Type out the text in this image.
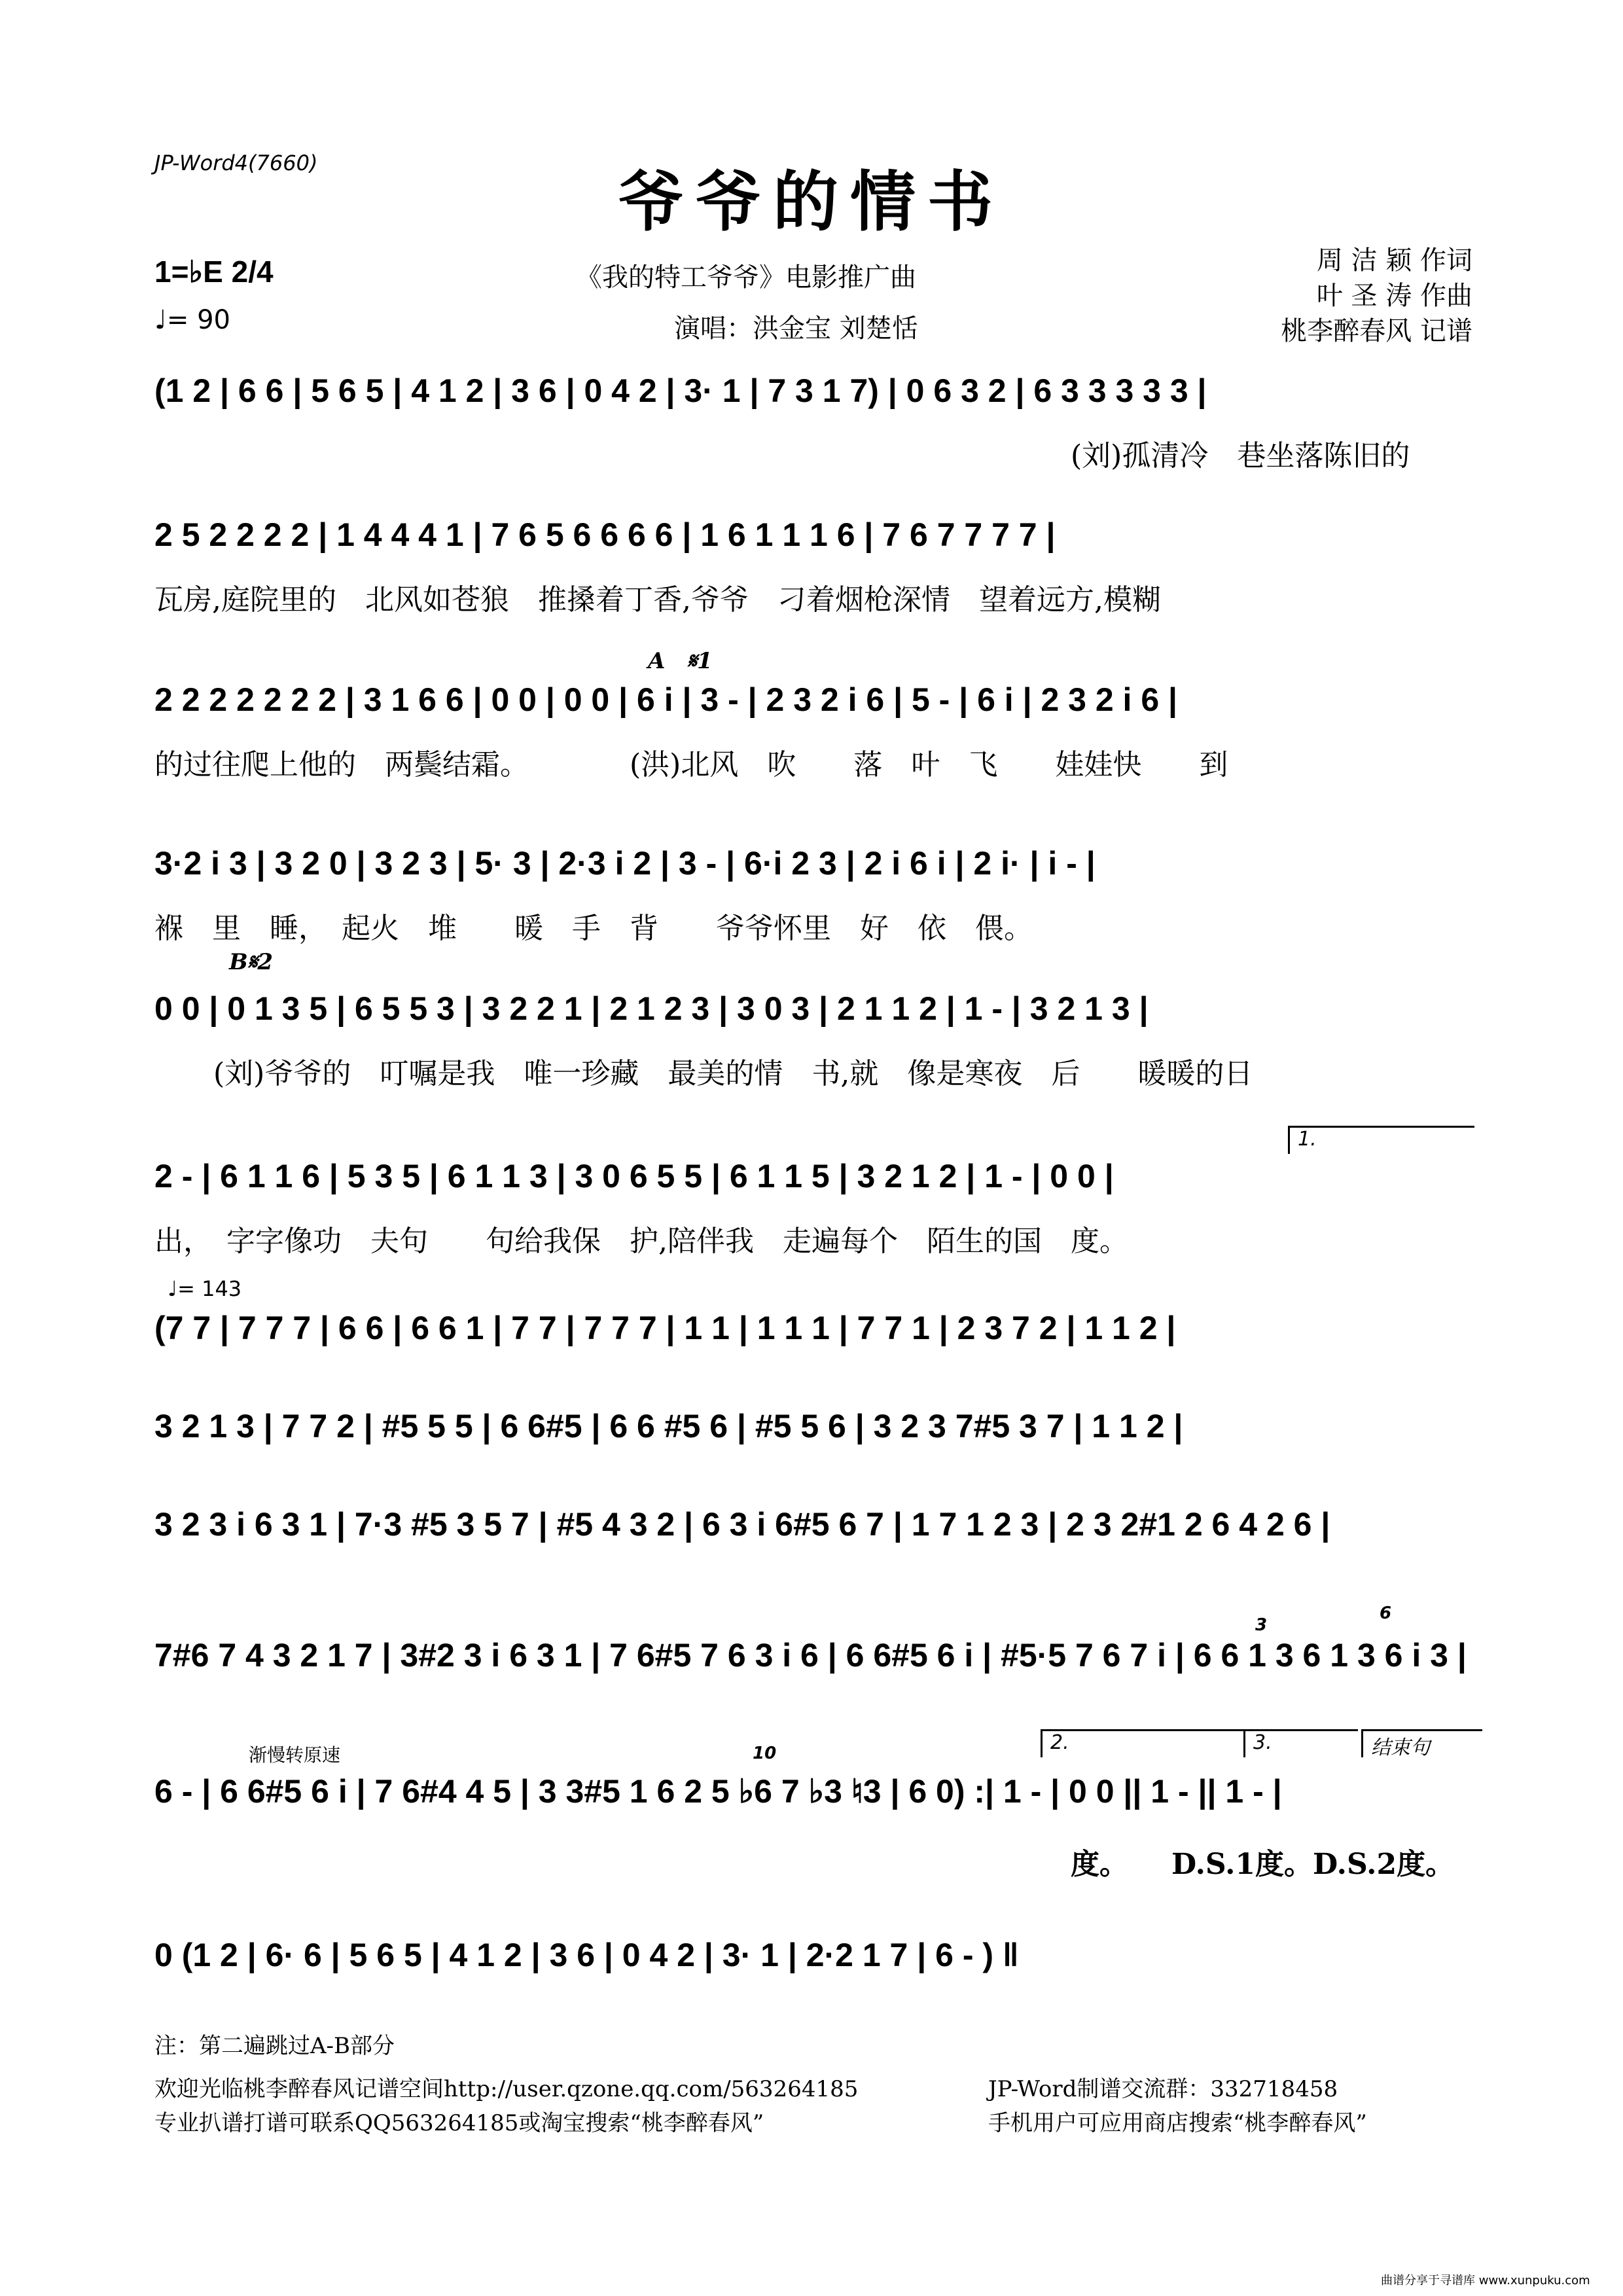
JP-Word4(7660)	爷爷的情书
《我的特工爷爷》电影推广曲
演唱：洪金宝 刘楚恬
周 洁 颖 作词
叶 圣 涛 作曲
桃李醉春风 记谱
1=♭E 2/4
♩= 90
A　𝄋1
B𝄋2
♩= 143
1.
2.	3.	结束句
渐慢转原速	10
3
6
(1 2 | 6 6 | 5 6 5 | 4 1 2 | 3 6 | 0 4 2 | 3· 1 | 7 3 1 7) | 0 6 3 2 | 6 3 3 3 3 3 |
(刘)孤清冷　巷坐落陈旧的
2 5 2 2 2 2 | 1 4 4 4 1 | 7 6 5 6 6 6 6 | 1 6 1 1 1 6 | 7 6 7 7 7 7 |
瓦房,庭院里的　北风如苍狼　推搡着丁香,爷爷　刁着烟枪深情　望着远方,模糊
2 2 2 2 2 2 2 | 3 1 6 6 | 0 0 | 0 0 | 6 i | 3 - | 2 3 2 i 6 | 5 - | 6 i | 2 3 2 i 6 |
的过往爬上他的　两鬓结霜。　　　　(洪)北风　吹　　落　叶　飞　　娃娃快　　到
3·2 i 3 | 3 2 0 | 3 2 3 | 5· 3 | 2·3 i 2 | 3 - | 6·i 2 3 | 2 i 6 i | 2 i· | i - |
褓　里　睡，　起火　堆　　暖　手　背　　爷爷怀里　好　依　偎。
0 0 | 0 1 3 5 | 6 5 5 3 | 3 2 2 1 | 2 1 2 3 | 3 0 3 | 2 1 1 2 | 1 - | 3 2 1 3 |
(刘)爷爷的　叮嘱是我　唯一珍藏　最美的情　书,就　像是寒夜　后　　暖暖的日
2 - | 6 1 1 6 | 5 3 5 | 6 1 1 3 | 3 0 6 5 5 | 6 1 1 5 | 3 2 1 2 | 1 - | 0 0 |
出，　字字像功　夫句　　句给我保　护,陪伴我　走遍每个　陌生的国　度。
(7 7 | 7 7 7 | 6 6 | 6 6 1 | 7 7 | 7 7 7 | 1 1 | 1 1 1 | 7 7 1 | 2 3 7 2 | 1 1 2 |
3 2 1 3 | 7 7 2 | #5 5 5 | 6 6#5 | 6 6 #5 6 | #5 5 6 | 3 2 3 7#5 3 7 | 1 1 2 |
3 2 3 i 6 3 1 | 7·3 #5 3 5 7 | #5 4 3 2 | 6 3 i 6#5 6 7 | 1 7 1 2 3 | 2 3 2#1 2 6 4 2 6 |
7#6 7 4 3 2 1 7 | 3#2 3 i 6 3 1 | 7 6#5 7 6 3 i 6 | 6 6#5 6 i | #5·5 7 6 7 i | 6 6 1 3 6 1 3 6 i 3 |
6 - | 6 6#5 6 i | 7 6#4 4 5 | 3 3#5 1 6 2 5 ♭6 7 ♭3 ♮3 | 6 0) :| 1 - | 0 0 || 1 - || 1 - |
度。　　D.S.1度。D.S.2度。
0 (1 2 | 6· 6 | 5 6 5 | 4 1 2 | 3 6 | 0 4 2 | 3· 1 | 2·2 1 7 | 6 - ) ‖
注：第二遍跳过A-B部分
欢迎光临桃李醉春风记谱空间http://user.qzone.qq.com/563264185	JP-Word制谱交流群：332718458
专业扒谱打谱可联系QQ563264185或淘宝搜索“桃李醉春风”	手机用户可应用商店搜索“桃李醉春风”
曲谱分享于寻谱库 www.xunpuku.com
